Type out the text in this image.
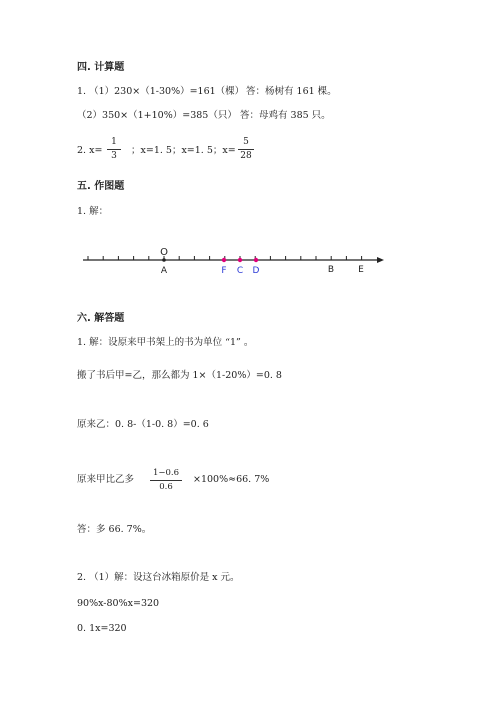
四. 计算题
1. （1）230×（1-30%）=161（棵） 答：杨树有 161 棵。
（2）350×（1+10%）=385（只） 答：母鸡有 385 只。
2. x=
1
3	；x=1. 5；x=1. 5；x=
5
28
五. 作图题
1. 解：
O
A	F C D	B	E
六. 解答题
1. 解：设原来甲书架上的书为单位 “1” 。
搬了书后甲=乙，那么都为 1×（1-20%）=0. 8
原来乙：0. 8-（1-0. 8）=0. 6
原来甲比乙多
1−0.6
0.6
×100%≈66. 7%
答：多 66. 7%。
2. （1）解：设这台冰箱原价是 x 元。
90%x-80%x=320
0. 1x=320
